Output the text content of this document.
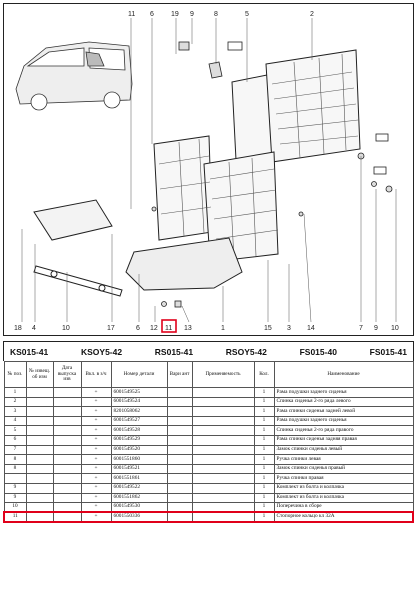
11 6 19 9	8	5	2
18 4	10	17	6 12 11 13	1	15 3 14	7 9 10
KS015-41	KSOY5-42	RS015-41	RSOY5-42	FS015-40	FS015-41
№ поз.	№ извещ. об изм	Дата выпуска изв	Вкл. в з/ч	Номер детали	Вари ант	Применяемость	Кол.	Наименование
1			+	6001549525			1	Рама подушки заднего сиденья
2			+	6001549524			1	Спинка сиденья 2-го ряда левого
3			+	8201058062			1	Рама спинки сиденья задней левой
4			+	6001549527			1	Рама подушки заднего сиденья
5			+	6001549528			1	Спинка сиденья 2-го ряда правого
6			+	6001549529			1	Рама спинки сиденья задняя правая
7			+	6001549520			1	Замок спинки сиденья левый
8			+	6001551860			1	Ручка спинки левая
8			+	6001549521			1	Замок спинки сиденья правый
			+	6001551861			1	Ручка спинки правая
9			+	6001549522			1	Комплект из болта и колпачка
9			+	6001551862			1	Комплект из болта и колпачка
10			+	6001549530			1	Поперечина в сборе
11			+	6001550336			1	Стопорное кольцо кл 32А
